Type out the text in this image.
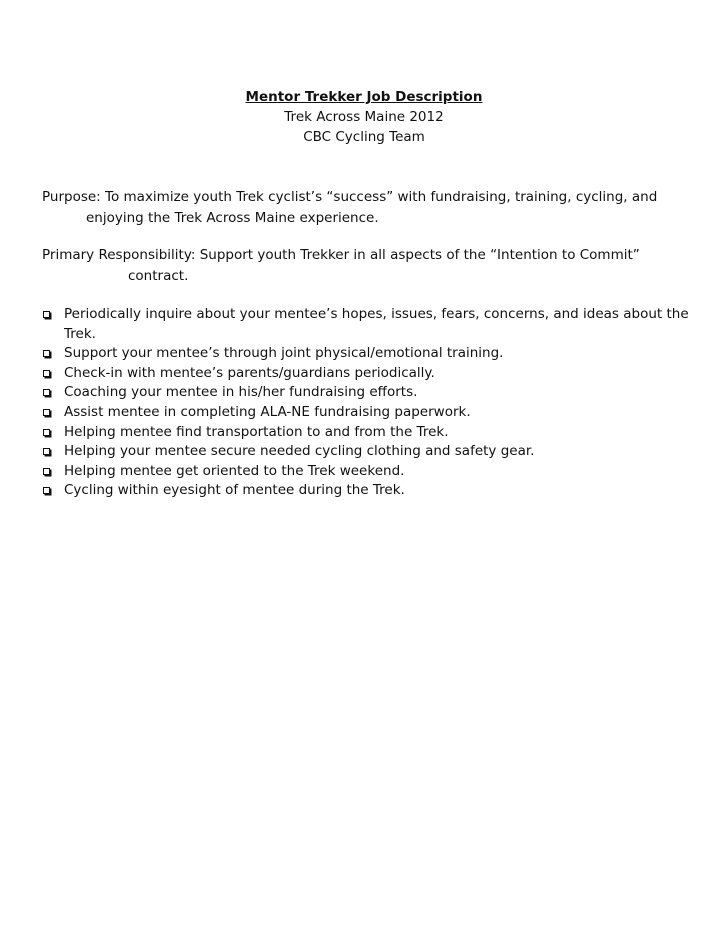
Mentor Trekker Job Description
Trek Across Maine 2012
CBC Cycling Team
Purpose: To maximize youth Trek cyclist’s “success” with fundraising, training, cycling, and
enjoying the Trek Across Maine experience.
Primary Responsibility: Support youth Trekker in all aspects of the “Intention to Commit”
contract.
Periodically inquire about your mentee’s hopes, issues, fears, concerns, and ideas about the Trek.
Support your mentee’s through joint physical/emotional training.
Check-in with mentee’s parents/guardians periodically.
Coaching your mentee in his/her fundraising efforts.
Assist mentee in completing ALA-NE fundraising paperwork.
Helping mentee find transportation to and from the Trek.
Helping your mentee secure needed cycling clothing and safety gear.
Helping mentee get oriented to the Trek weekend.
Cycling within eyesight of mentee during the Trek.
